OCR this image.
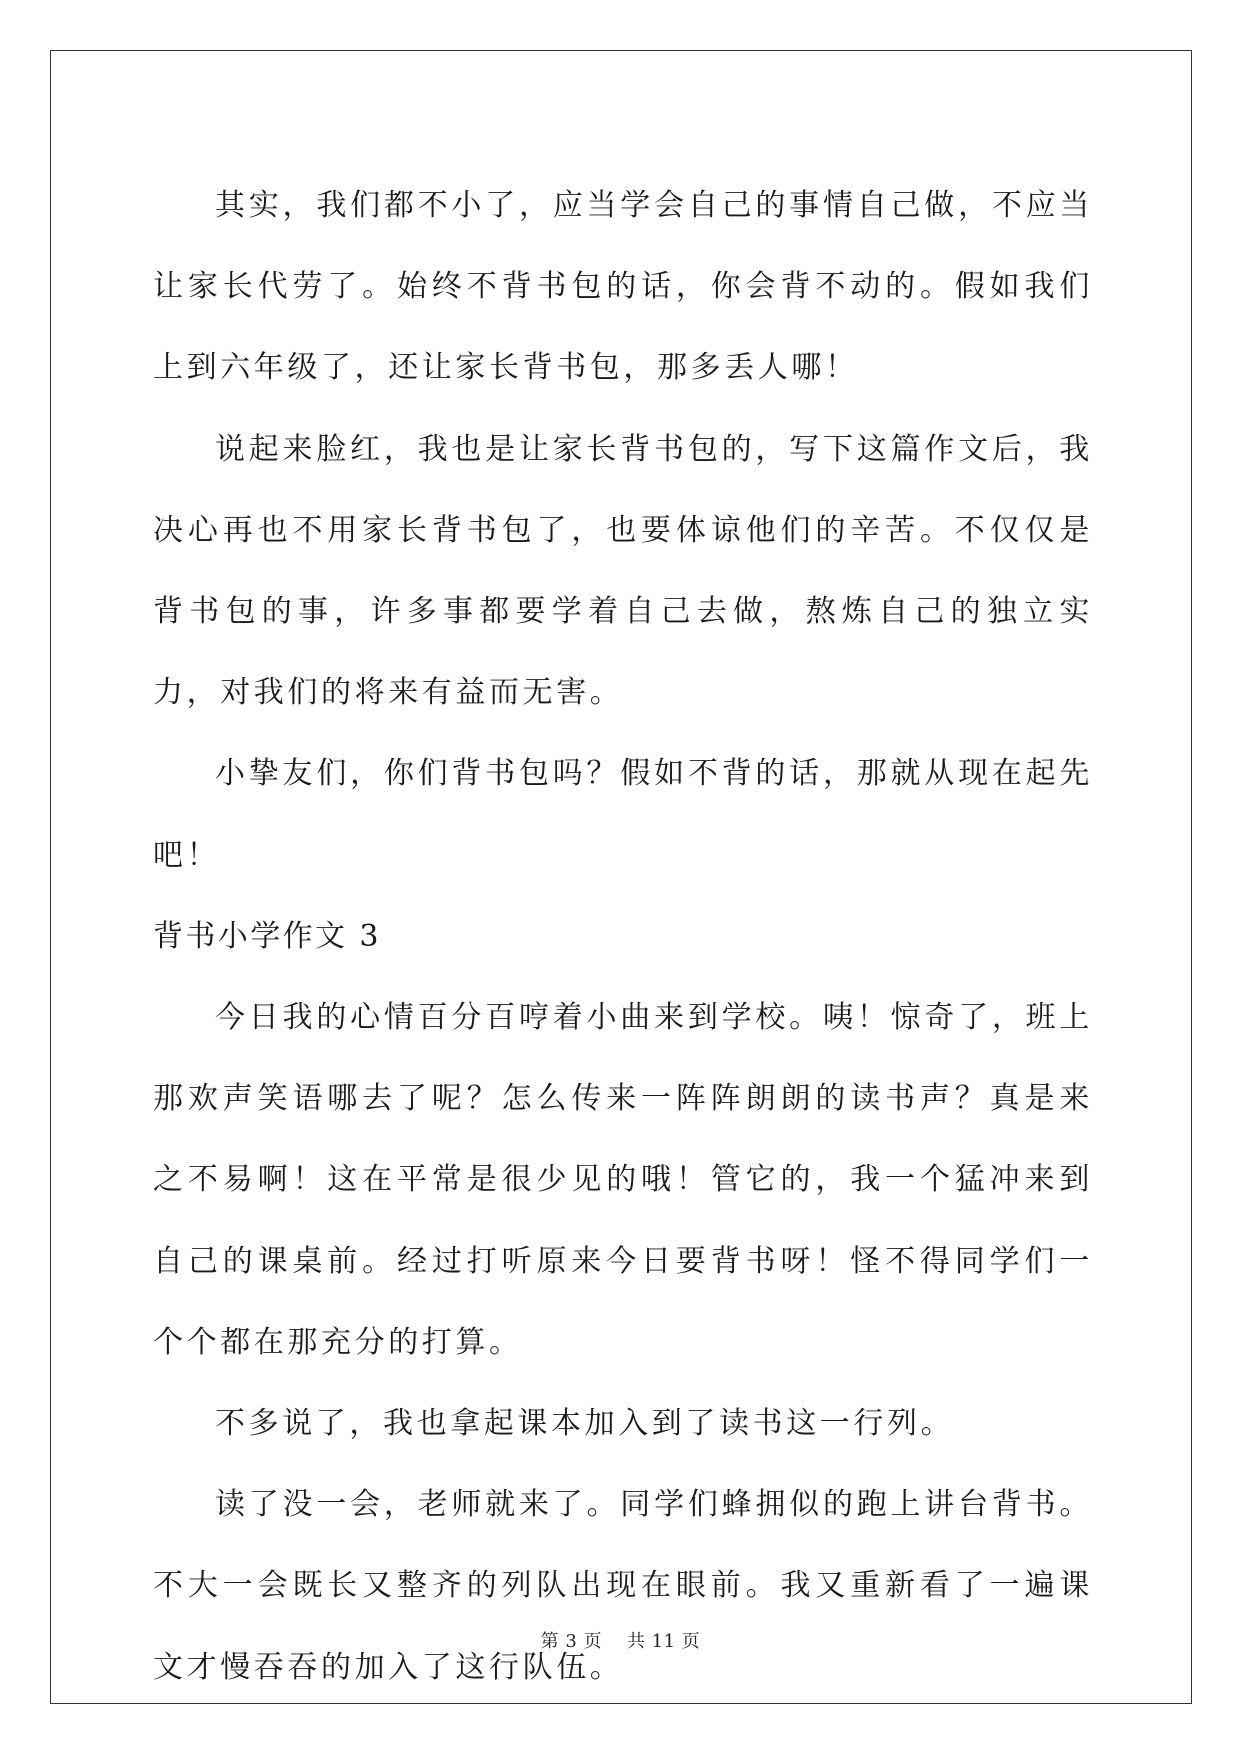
其实，我们都不小了，应当学会自己的事情自己做，不应当让家长代劳了。始终不背书包的话，你会背不动的。假如我们上到六年级了，还让家长背书包，那多丢人哪！

说起来脸红，我也是让家长背书包的，写下这篇作文后，我决心再也不用家长背书包了，也要体谅他们的辛苦。不仅仅是背书包的事，许多事都要学着自己去做，熬炼自己的独立实力，对我们的将来有益而无害。

小挚友们，你们背书包吗？假如不背的话，那就从现在起先吧！

背书小学作文 3

今日我的心情百分百哼着小曲来到学校。咦！惊奇了，班上那欢声笑语哪去了呢？怎么传来一阵阵朗朗的读书声？真是来之不易啊！这在平常是很少见的哦！管它的，我一个猛冲来到自己的课桌前。经过打听原来今日要背书呀！怪不得同学们一个个都在那充分的打算。

不多说了，我也拿起课本加入到了读书这一行列。

读了没一会，老师就来了。同学们蜂拥似的跑上讲台背书。不大一会既长又整齐的列队出现在眼前。我又重新看了一遍课文才慢吞吞的加入了这行队伍。

第 3 页    共 11 页
